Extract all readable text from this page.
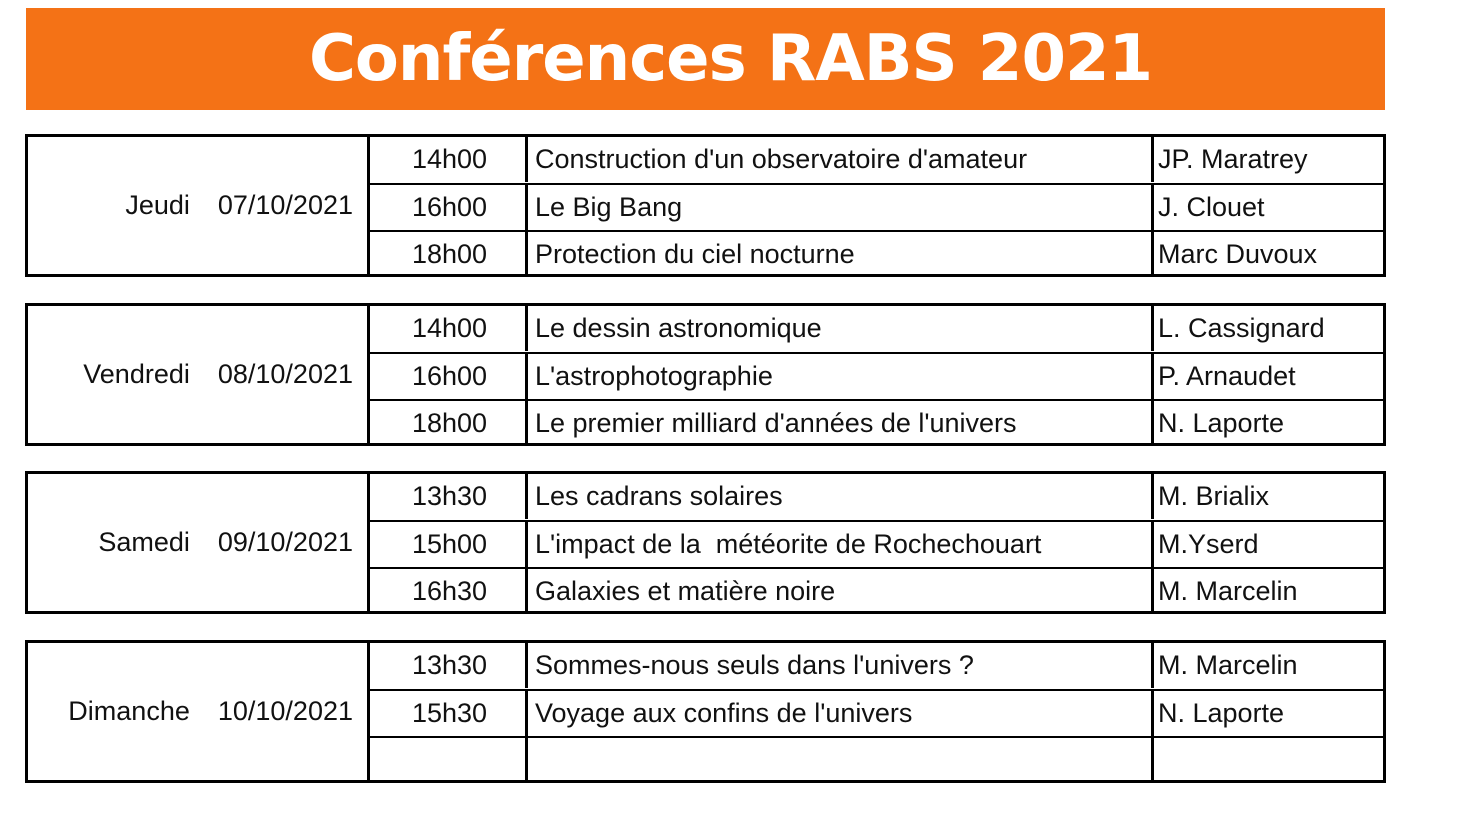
Conférences RABS 2021
Jeudi 07/10/2021
14h00	Construction d'un observatoire d'amateur	JP. Maratrey
16h00	Le Big Bang	J. Clouet
18h00	Protection du ciel nocturne	Marc Duvoux
Vendredi 08/10/2021
14h00	Le dessin astronomique	L. Cassignard
16h00	L'astrophotographie	P. Arnaudet
18h00	Le premier milliard d'années de l'univers	N. Laporte
Samedi 09/10/2021
13h30	Les cadrans solaires	M. Brialix
15h00	L'impact de la  météorite de Rochechouart	M.Yserd
16h30	Galaxies et matière noire	M. Marcelin
Dimanche 10/10/2021
13h30	Sommes-nous seuls dans l'univers ?	M. Marcelin
15h30	Voyage aux confins de l'univers	N. Laporte
